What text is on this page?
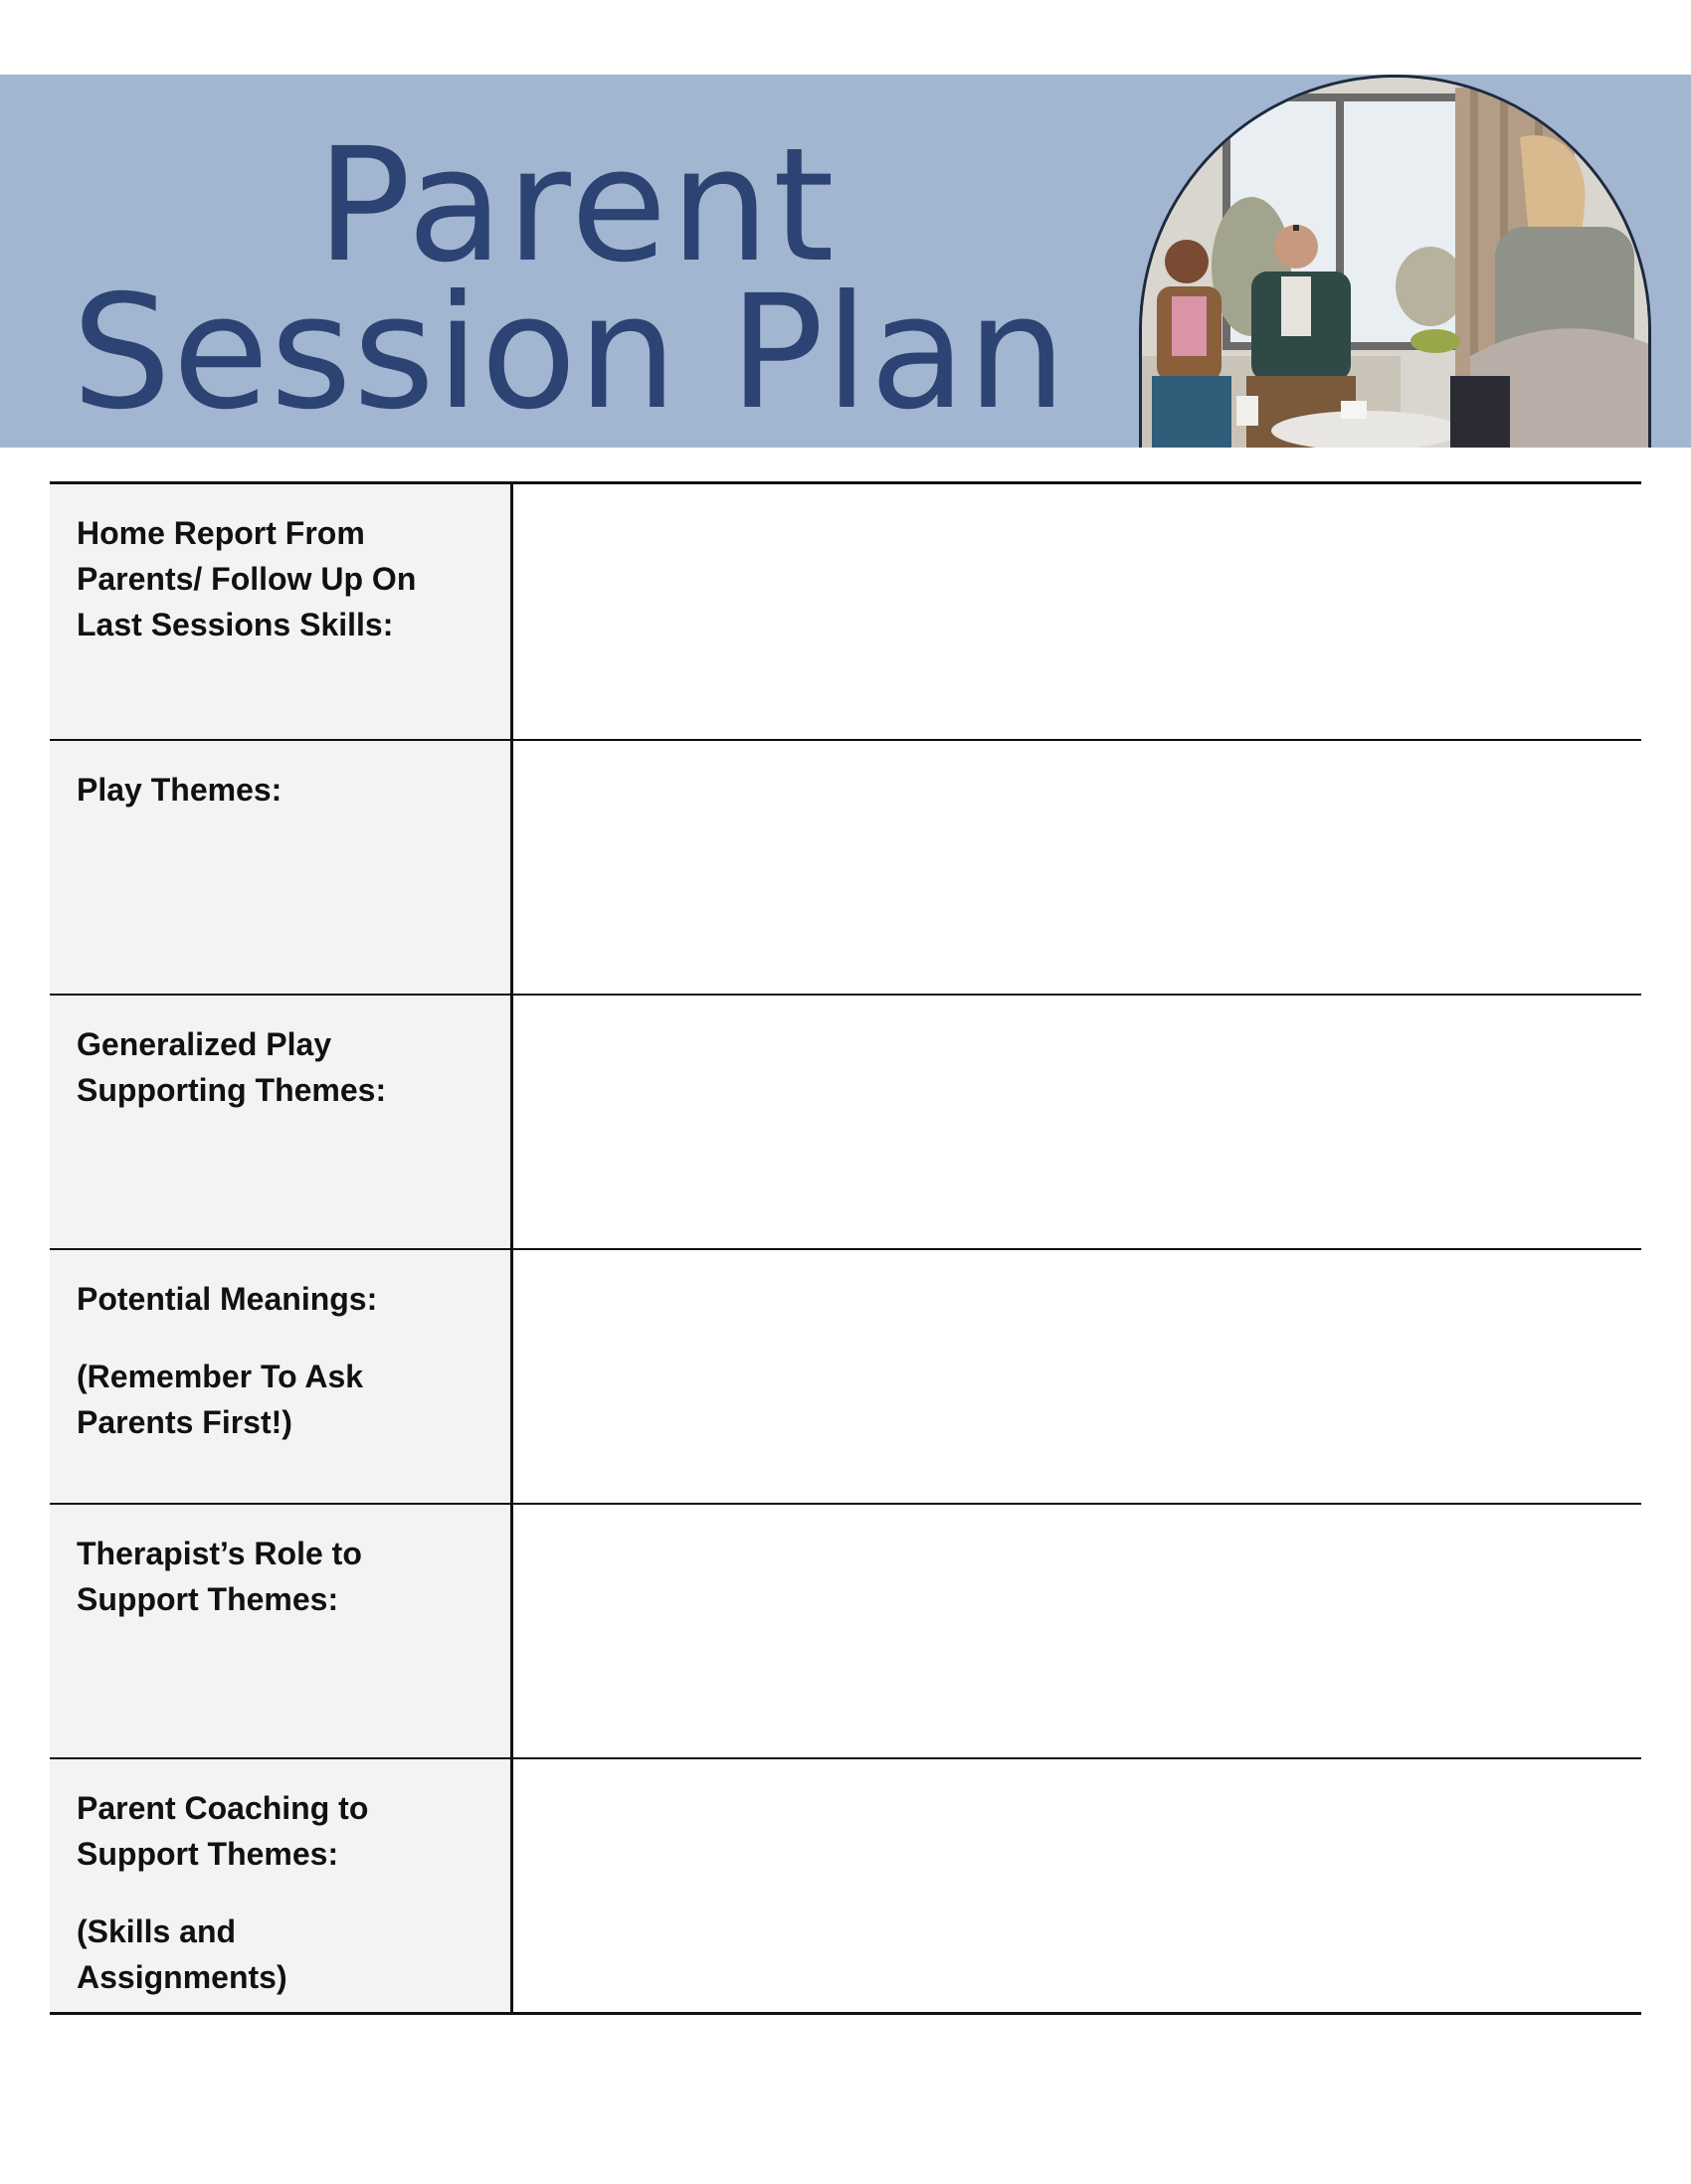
Parent
Session Plan

Home Report From
Parents/ Follow Up On
Last Sessions Skills:

Play Themes:

Generalized Play
Supporting Themes:

Potential Meanings:

(Remember To Ask
Parents First!)

Therapist’s Role to
Support Themes:

Parent Coaching to
Support Themes:

(Skills and
Assignments)
